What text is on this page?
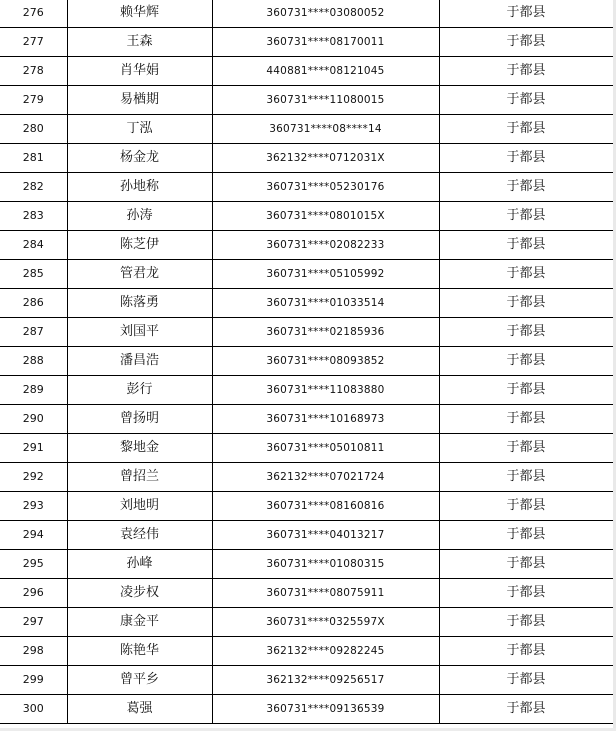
276	赖华辉	360731****03080052	于都县
277	王森	360731****08170011	于都县
278	肖华娟	440881****08121045	于都县
279	易楢期	360731****11080015	于都县
280	丁泓	360731****08****14	于都县
281	杨金龙	362132****0712031X	于都县
282	孙地称	360731****05230176	于都县
283	孙涛	360731****0801015X	于都县
284	陈芝伊	360731****02082233	于都县
285	管君龙	360731****05105992	于都县
286	陈落勇	360731****01033514	于都县
287	刘国平	360731****02185936	于都县
288	潘昌浩	360731****08093852	于都县
289	彭行	360731****11083880	于都县
290	曾扬明	360731****10168973	于都县
291	黎地金	360731****05010811	于都县
292	曾招兰	362132****07021724	于都县
293	刘地明	360731****08160816	于都县
294	袁经伟	360731****04013217	于都县
295	孙峰	360731****01080315	于都县
296	凌步权	360731****08075911	于都县
297	康金平	360731****0325597X	于都县
298	陈艳华	362132****09282245	于都县
299	曾平乡	362132****09256517	于都县
300	葛强	360731****09136539	于都县
